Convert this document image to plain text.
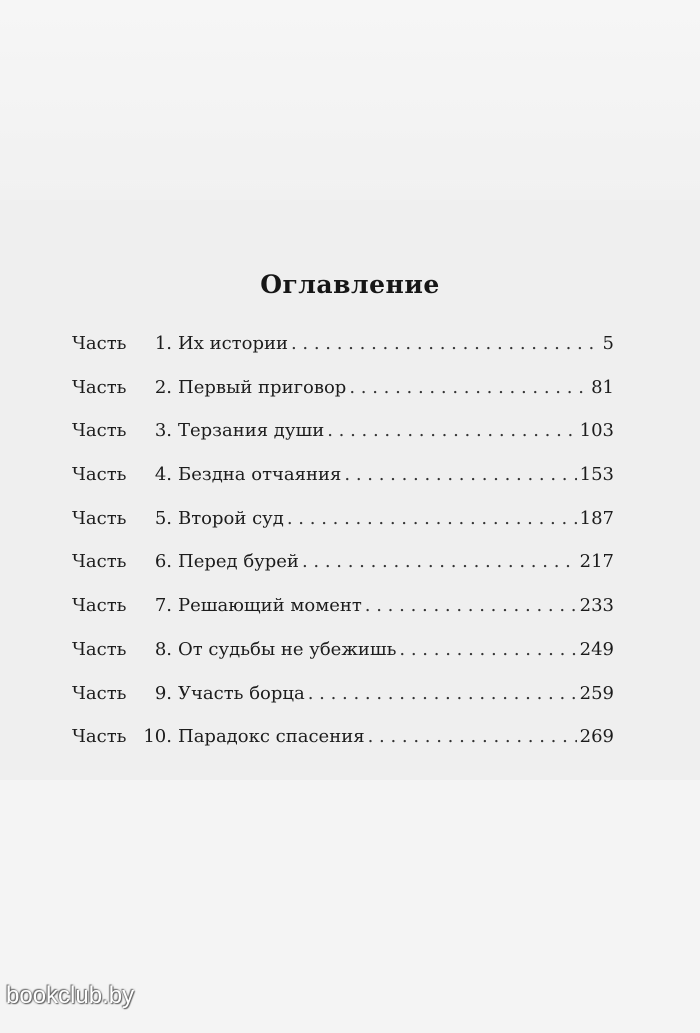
Оглавление
Часть	1. Их истории . . .	5
Часть	2. Первый приговор . . .	81
Часть	3. Терзания души . . .	103
Часть	4. Бездна отчаяния . . .	153
Часть	5. Второй суд . . .	187
Часть	6. Перед бурей . . .	217
Часть	7. Решающий момент . . .	233
Часть	8. От судьбы не убежишь . . .	249
Часть	9. Участь борца . . .	259
Часть 10. Парадокс спасения . . .	269
bookclub.by
